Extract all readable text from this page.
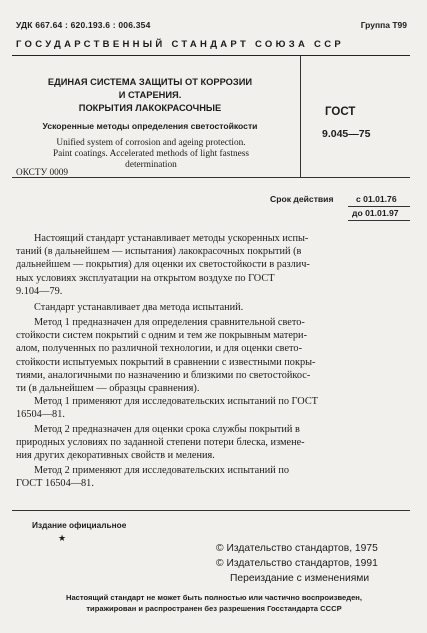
УДК 667.64 : 620.193.6 : 006.354	Группа Т99
ГОСУДАРСТВЕННЫЙ СТАНДАРТ СОЮЗА ССР
ЕДИНАЯ СИСТЕМА ЗАЩИТЫ ОТ КОРРОЗИИ
И СТАРЕНИЯ.
ПОКРЫТИЯ ЛАКОКРАСОЧНЫЕ
Ускоренные методы определения светостойкости
Unified system of corrosion and ageing protection.
Paint coatings. Accelerated methods of light fastness
determination
ОКСТУ 0009
ГОСТ
9.045—75
Срок действия	с 01.01.76
до 01.01.97
Настоящий стандарт устанавливает методы ускоренных испы-
таний (в дальнейшем — испытания) лакокрасочных покрытий (в
дальнейшем — покрытия) для оценки их светостойкости в различ-
ных условиях эксплуатации на открытом воздухе по ГОСТ
9.104—79.
Стандарт устанавливает два метода испытаний.
Метод 1 предназначен для определения сравнительной свето-
стойкости систем покрытий с одним и тем же покрывным матери-
алом, полученных по различной технологии, и для оценки свето-
стойкости испытуемых покрытий в сравнении с известными покры-
тиями, аналогичными по назначению и близкими по светостойкос-
ти (в дальнейшем — образцы сравнения).
Метод 1 применяют для исследовательских испытаний по ГОСТ
16504—81.
Метод 2 предназначен для оценки срока службы покрытий в
природных условиях по заданной степени потери блеска, измене-
ния других декоративных свойств и меления.
Метод 2 применяют для исследовательских испытаний по
ГОСТ 16504—81.
Издание официальное
★
© Издательство стандартов, 1975
© Издательство стандартов, 1991
Переиздание с изменениями
Настоящий стандарт не может быть полностью или частично воспроизведен,
тиражирован и распространен без разрешения Госстандарта СССР
